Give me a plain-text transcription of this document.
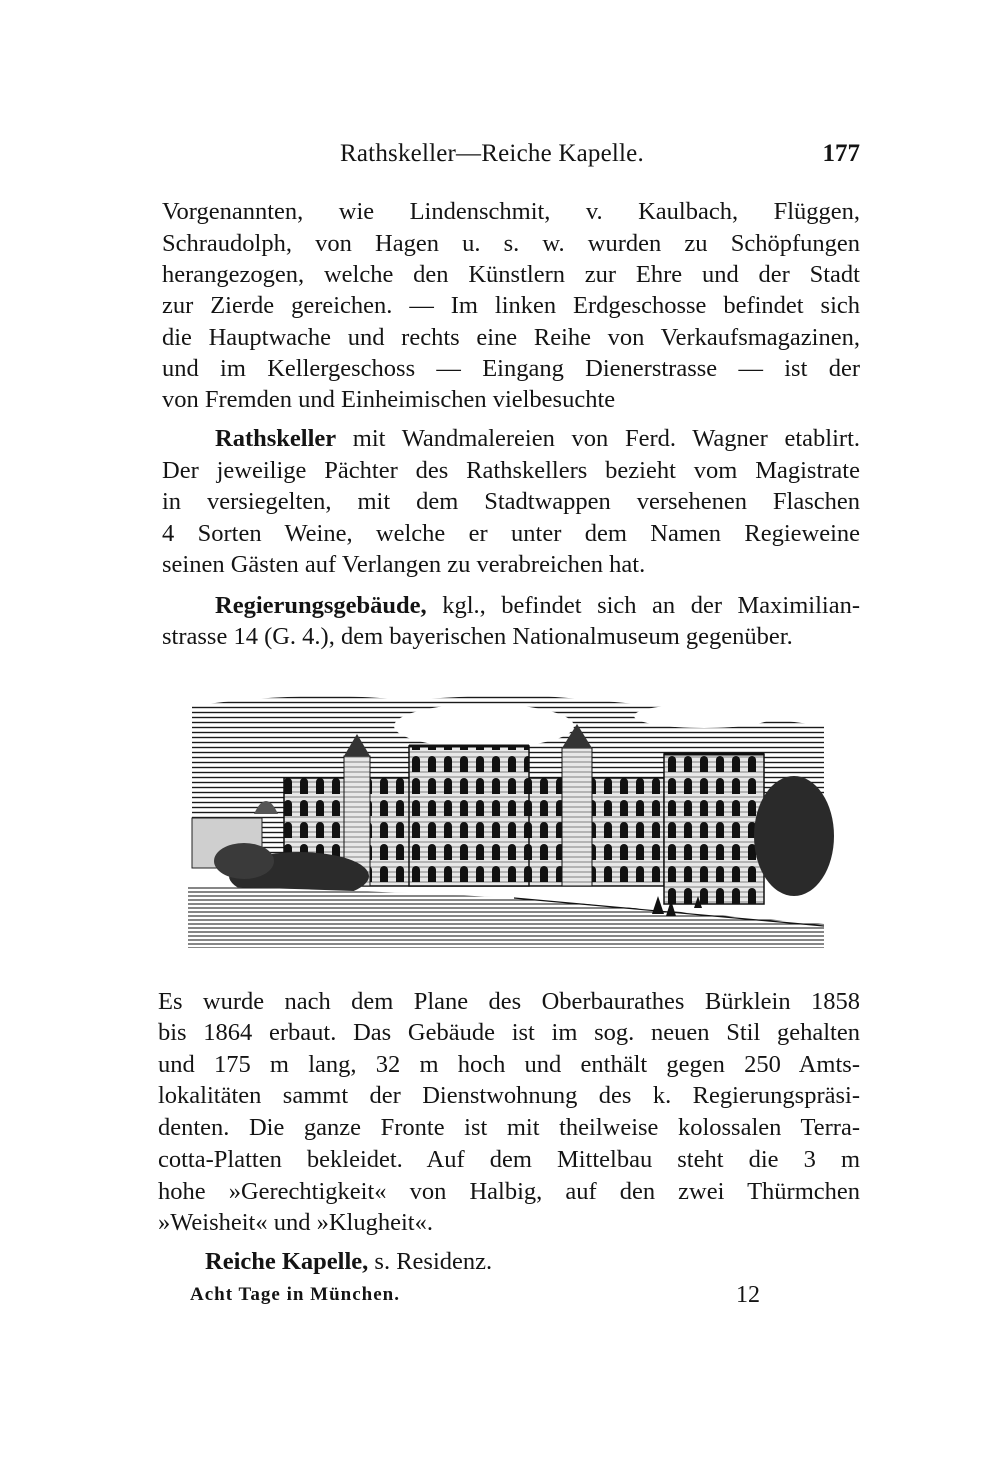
Rathskeller—Reiche Kapelle.	177
Vorgenannten, wie Lindenschmit, v. Kaulbach, Flüggen,
Schraudolph, von Hagen u. s. w. wurden zu Schöpfungen
herangezogen, welche den Künstlern zur Ehre und der Stadt
zur Zierde gereichen. — Im linken Erdgeschosse befindet sich
die Hauptwache und rechts eine Reihe von Verkaufsmagazinen,
und im Kellergeschoss — Eingang Dienerstrasse — ist der
von Fremden und Einheimischen vielbesuchte
Rathskeller mit Wandmalereien von Ferd. Wagner etablirt.
Der jeweilige Pächter des Rathskellers bezieht vom Magistrate
in versiegelten, mit dem Stadtwappen versehenen Flaschen
4 Sorten Weine, welche er unter dem Namen Regieweine
seinen Gästen auf Verlangen zu verabreichen hat.
Regierungsgebäude, kgl., befindet sich an der Maximilian-
strasse 14 (G. 4.), dem bayerischen Nationalmuseum gegenüber.
Es wurde nach dem Plane des Oberbaurathes Bürklein 1858
bis 1864 erbaut. Das Gebäude ist im sog. neuen Stil gehalten
und 175 m lang, 32 m hoch und enthält gegen 250 Amts-
lokalitäten sammt der Dienstwohnung des k. Regierungspräsi-
denten. Die ganze Fronte ist mit theilweise kolossalen Terra-
cotta-Platten bekleidet. Auf dem Mittelbau steht die 3 m
hohe »Gerechtigkeit« von Halbig, auf den zwei Thürmchen
»Weisheit« und »Klugheit«.
Reiche Kapelle, s. Residenz.
Acht Tage in München.	12
